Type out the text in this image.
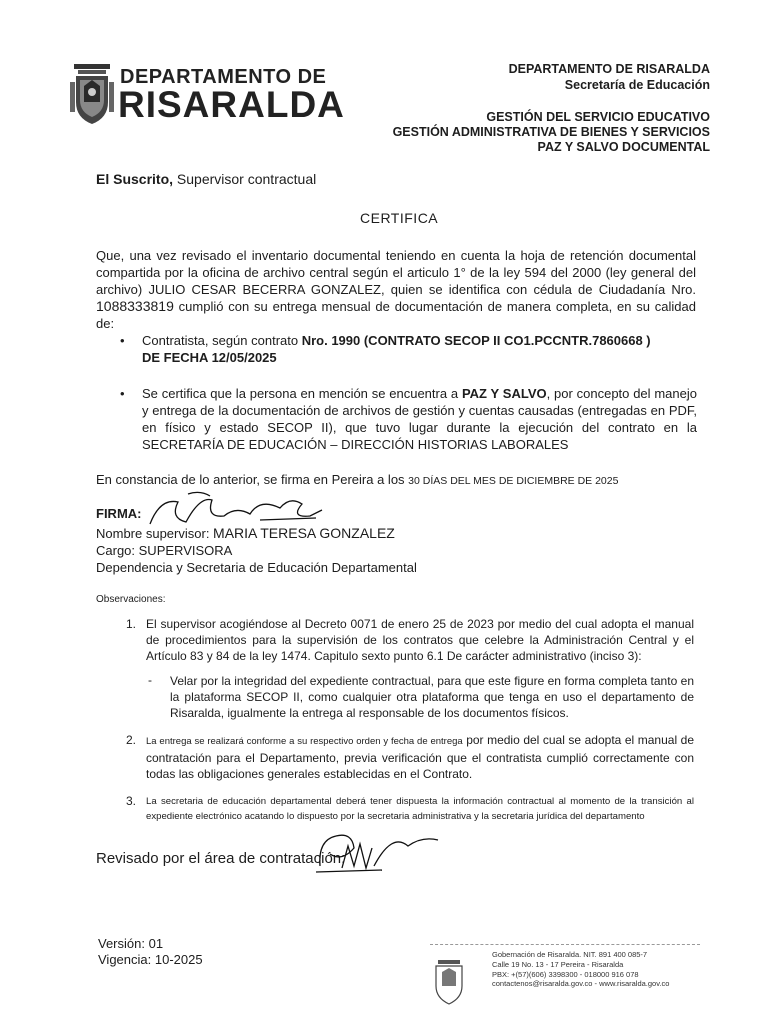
DEPARTAMENTO DE
RISARALDA
DEPARTAMENTO DE RISARALDA
Secretaría de Educación
GESTIÓN DEL SERVICIO EDUCATIVO
GESTIÓN ADMINISTRATIVA DE BIENES Y SERVICIOS
PAZ Y SALVO DOCUMENTAL
El Suscrito, Supervisor contractual
CERTIFICA
Que, una vez revisado el inventario documental teniendo en cuenta la hoja de retención documental compartida por la oficina de archivo central según el articulo 1° de la ley 594 del 2000 (ley general del archivo) JULIO CESAR BECERRA GONZALEZ, quien se identifica con cédula de Ciudadanía Nro. 1088333819 cumplió con su entrega mensual de documentación de manera completa, en su calidad de:
• Contratista, según contrato Nro. 1990 (CONTRATO SECOP II CO1.PCCNTR.7860668 )
DE FECHA 12/05/2025
• Se certifica que la persona en mención se encuentra a PAZ Y SALVO, por concepto del manejo y entrega de la documentación de archivos de gestión y cuentas causadas (entregadas en PDF, en físico y estado SECOP II), que tuvo lugar durante la ejecución del contrato en la SECRETARÍA DE EDUCACIÓN – DIRECCIÓN HISTORIAS LABORALES
En constancia de lo anterior, se firma en Pereira a los 30 DÍAS DEL MES DE DICIEMBRE DE 2025
FIRMA:
Nombre supervisor: MARIA TERESA GONZALEZ
Cargo: SUPERVISORA
Dependencia y Secretaria de Educación Departamental
Observaciones:
1. El supervisor acogiéndose al Decreto 0071 de enero 25 de 2023 por medio del cual adopta el manual de procedimientos para la supervisión de los contratos que celebre la Administración Central y el Artículo 83 y 84 de la ley 1474. Capitulo sexto punto 6.1 De carácter administrativo (inciso 3):
- Velar por la integridad del expediente contractual, para que este figure en forma completa tanto en la plataforma SECOP II, como cualquier otra plataforma que tenga en uso el departamento de Risaralda, igualmente la entrega al responsable de los documentos físicos.
2. La entrega se realizará conforme a su respectivo orden y fecha de entrega por medio del cual se adopta el manual de contratación para el Departamento, previa verificación que el contratista cumplió correctamente con todas las obligaciones generales establecidas en el Contrato.
3. La secretaria de educación departamental deberá tener dispuesta la información contractual al momento de la transición al expediente electrónico acatando lo dispuesto por la secretaria administrativa y la secretaria jurídica del departamento
Revisado por el área de contratación:
Versión: 01
Vigencia: 10-2025	Gobernación de Risaralda. NIT. 891 400 085-7
Calle 19 No. 13 - 17 Pereira - Risaralda
PBX: +(57)(606) 3398300 - 018000 916 078
contactenos@risaralda.gov.co - www.risaralda.gov.co
